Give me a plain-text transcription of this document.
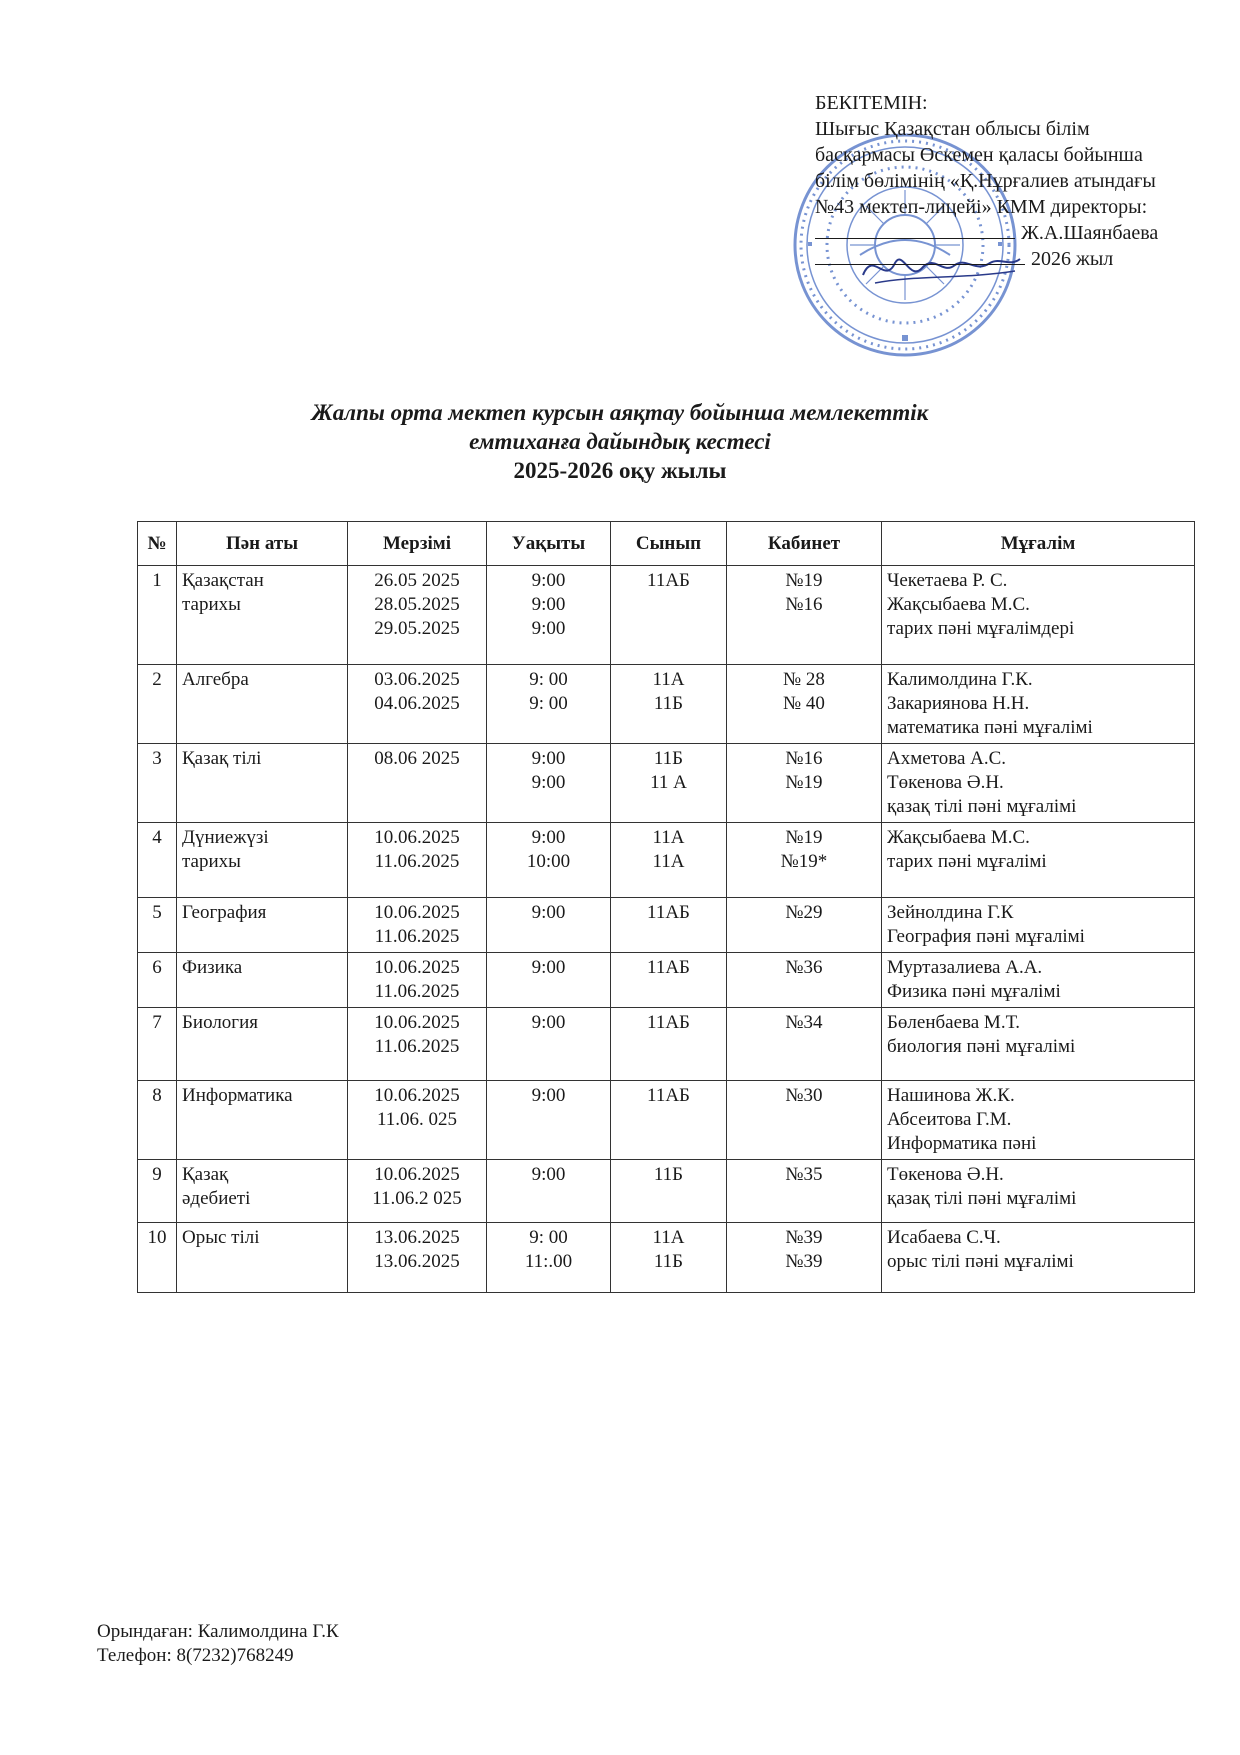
БЕКІТЕМІН:
Шығыс Қазақстан облысы білім
басқармасы Өскемен қаласы бойынша
білім бөлімінің «Қ.Нұрғалиев атындағы
№43 мектеп-лицейі» КММ директоры:
Ж.А.Шаянбаева
2026 жыл
Жалпы орта мектеп курсын аяқтау бойынша мемлекеттік
емтиханға дайындық кестесі
2025-2026 оқу жылы
№	Пән аты	Мерзімі	Уақыты	Сынып	Кабинет	Мұғалім
1	Қазақстан
тарихы	26.05 2025
28.05.2025
29.05.2025	9:00
9:00
9:00	11АБ	№19
№16	Чекетаева Р. С.
Жақсыбаева М.С.
тарих пәні мұғалімдері

2	Алгебра	03.06.2025
04.06.2025	9: 00
9: 00	11А
11Б	№ 28
№ 40	Калимолдина Г.К.
Закариянова Н.Н.
математика пәні мұғалімі

3	Қазақ тілі	08.06 2025	9:00
9:00	11Б
11 А	№16
№19	Ахметова А.С.
Төкенова Ә.Н.
қазақ тілі пәні мұғалімі

4	Дүниежүзі
тарихы	10.06.2025
11.06.2025	9:00
10:00	11А
11А	№19
№19*	Жақсыбаева М.С.
тарих пәні мұғалімі

5	География	10.06.2025
11.06.2025	9:00	11АБ	№29	Зейнолдина Г.К
География пәні мұғалімі

6	Физика	10.06.2025
11.06.2025	9:00	11АБ	№36	Муртазалиева А.А.
Физика пәні мұғалімі

7	Биология	10.06.2025
11.06.2025	9:00	11АБ	№34	Бөленбаева М.Т.
биология пәні мұғалімі

8	Информатика	10.06.2025
11.06. 025	9:00	11АБ	№30	Нашинова Ж.К.
Абсеитова Г.М.
Информатика пәні

9	Қазақ
әдебиеті	10.06.2025
11.06.2 025	9:00	11Б	№35	Төкенова Ә.Н.
қазақ тілі пәні мұғалімі

10	Орыс тілі	13.06.2025
13.06.2025	9: 00
11:.00	11А
11Б	№39
№39	Исабаева С.Ч.
орыс тілі пәні мұғалімі
Орындаған: Калимолдина Г.К
Телефон: 8(7232)768249
